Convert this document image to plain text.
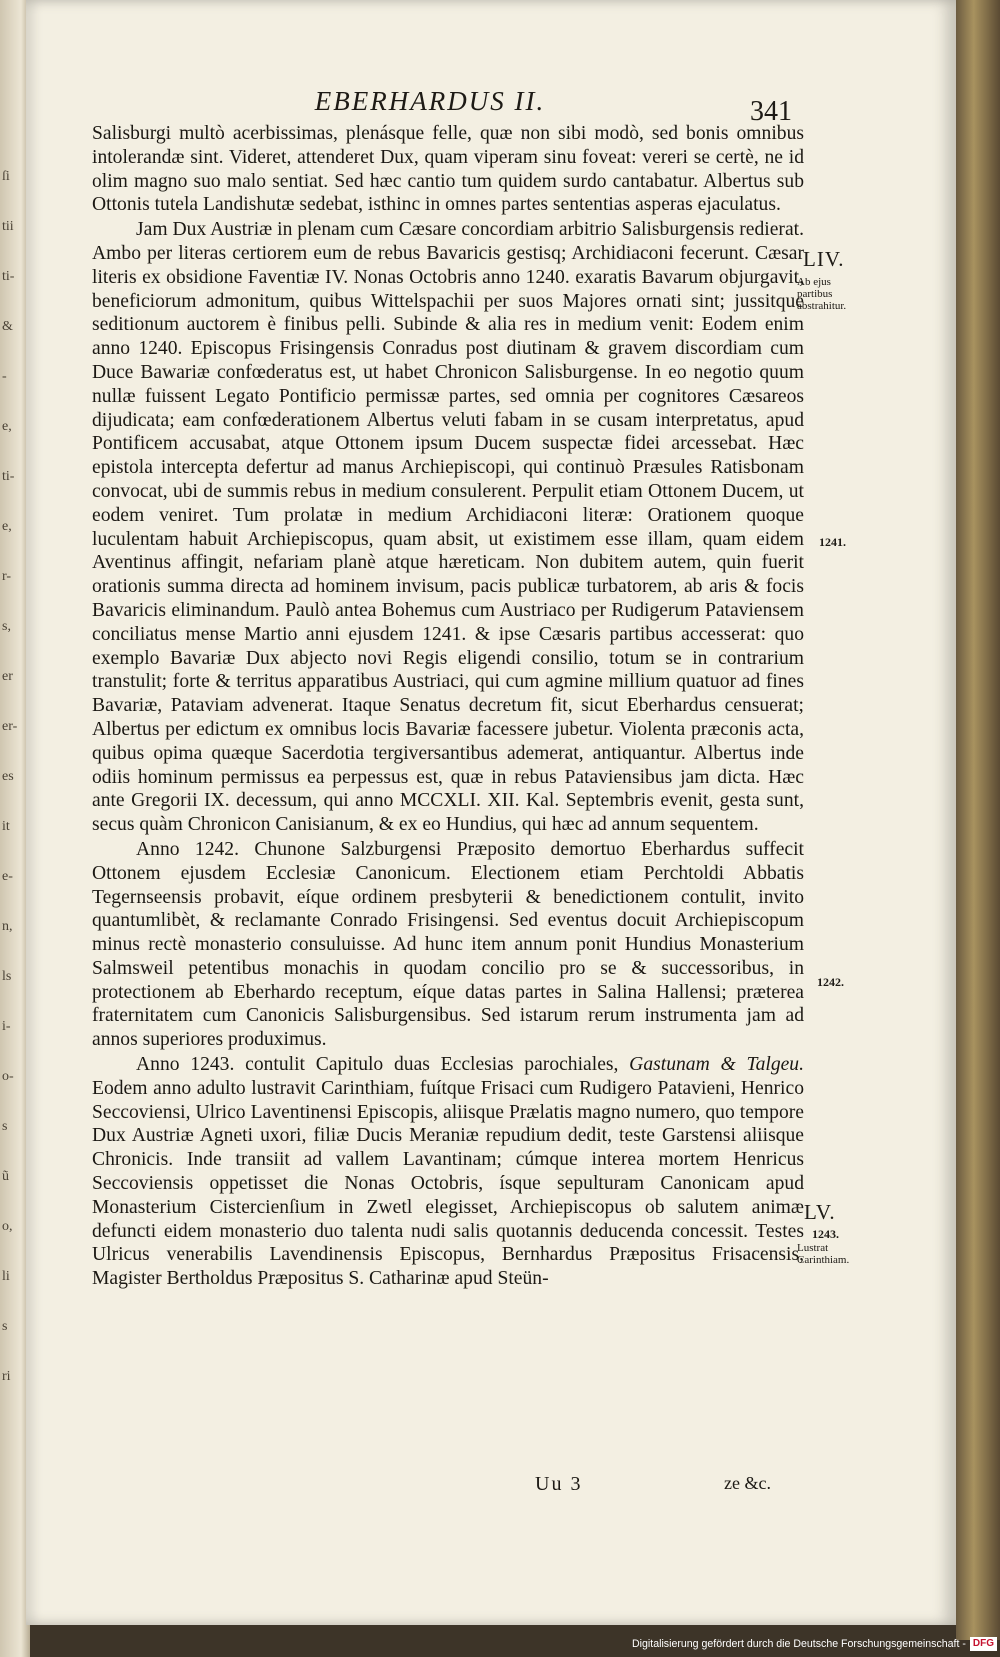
ſi
tii
ti-
&
-
e,
ti-
e,
r-
s,
er
er-
es
it
e-
n,
ls
i-
o-
s
ũ
o,
li
s
ri
EBERHARDUS II.	341

Salisburgi multò acerbissimas, plenásque felle, quæ non sibi modò, sed bonis omnibus intolerandæ sint. Videret, attenderet Dux, quam viperam sinu foveat: vereri se certè, ne id olim magno suo malo sentiat. Sed hæc cantio tum quidem surdo cantabatur. Albertus sub Ottonis tutela Landishutæ sedebat, isthinc in omnes partes sententias asperas ejaculatus.

Jam Dux Austriæ in plenam cum Cæsare concordiam arbitrio Salisburgensis redierat. Ambo per literas certiorem eum de rebus Bavaricis gestisq; Archidiaconi fecerunt. Cæsar literis ex obsidione Faventiæ IV. Nonas Octobris anno 1240. exaratis Bavarum objurgavit, beneficiorum admonitum, quibus Wittelspachii per suos Majores ornati sint; jussitque seditionum auctorem è finibus pelli. Subinde & alia res in medium venit: Eodem enim anno 1240. Episcopus Frisingensis Conradus post diutinam & gravem discordiam cum Duce Bawariæ confœderatus est, ut habet Chronicon Salisburgense. In eo negotio quum nullæ fuissent Legato Pontificio permissæ partes, sed omnia per cognitores Cæsareos dijudicata; eam confœderationem Albertus veluti fabam in se cusam interpretatus, apud Pontificem accusabat, atque Ottonem ipsum Ducem suspectæ fidei arcessebat. Hæc epistola intercepta defertur ad manus Archiepiscopi, qui continuò Præsules Ratisbonam convocat, ubi de summis rebus in medium consulerent. Perpulit etiam Ottonem Ducem, ut eodem veniret. Tum prolatæ in medium Archidiaconi literæ: Orationem quoque luculentam habuit Archiepiscopus, quam absit, ut existimem esse illam, quam eidem Aventinus affingit, nefariam planè atque hæreticam. Non dubitem autem, quin fuerit orationis summa directa ad hominem invisum, pacis publicæ turbatorem, ab aris & focis Bavaricis eliminandum. Paulò antea Bohemus cum Austriaco per Rudigerum Pataviensem conciliatus mense Martio anni ejusdem 1241. & ipse Cæsaris partibus accesserat: quo exemplo Bavariæ Dux abjecto novi Regis eligendi consilio, totum se in contrarium transtulit; forte & territus apparatibus Austriaci, qui cum agmine millium quatuor ad fines Bavariæ, Pataviam advenerat. Itaque Senatus decretum fit, sicut Eberhardus censuerat; Albertus per edictum ex omnibus locis Bavariæ facessere jubetur. Violenta præconis acta, quibus opima quæque Sacerdotia tergiversantibus ademerat, antiquantur. Albertus inde odiis hominum permissus ea perpessus est, quæ in rebus Pataviensibus jam dicta. Hæc ante Gregorii IX. decessum, qui anno MCCXLI. XII. Kal. Septembris evenit, gesta sunt, secus quàm Chronicon Canisianum, & ex eo Hundius, qui hæc ad annum sequentem.

Anno 1242. Chunone Salzburgensi Præposito demortuo Eberhardus suffecit Ottonem ejusdem Ecclesiæ Canonicum. Electionem etiam Perchtoldi Abbatis Tegernseensis probavit, eíque ordinem presbyterii & benedictionem contulit, invito quantumlibèt, & reclamante Conrado Frisingensi. Sed eventus docuit Archiepiscopum minus rectè monasterio consuluisse. Ad hunc item annum ponit Hundius Monasterium Salmsweil petentibus monachis in quodam concilio pro se & successoribus, in protectionem ab Eberhardo receptum, eíque datas partes in Salina Hallensi; præterea fraternitatem cum Canonicis Salisburgensibus. Sed istarum rerum instrumenta jam ad annos superiores produximus.

Anno 1243. contulit Capitulo duas Ecclesias parochiales, Gastunam & Talgeu. Eodem anno adulto lustravit Carinthiam, fuítque Frisaci cum Rudigero Patavieni, Henrico Seccoviensi, Ulrico Laventinensi Episcopis, aliisque Prælatis magno numero, quo tempore Dux Austriæ Agneti uxori, filiæ Ducis Meraniæ repudium dedit, teste Garstensi aliisque Chronicis. Inde transiit ad vallem Lavantinam; cúmque interea mortem Henricus Seccoviensis oppetisset die Nonas Octobris, ísque sepulturam Canonicam apud Monasterium Cistercienſium in Zwetl elegisset, Archiepiscopus ob salutem animæ defuncti eidem monasterio duo talenta nudi salis quotannis deducenda concessit. Testes Ulricus venerabilis Lavendinensis Episcopus, Bernhardus Præpositus Frisacensis, Magister Bertholdus Præpositus S. Catharinæ apud Steün-

LIV.
Ab ejus partibus abstrahitur.
1241.
1242.
LV.
1243.
Lustrat Carinthiam.
Uu 3	ze &c.
Digitalisierung gefördert durch die Deutsche Forschungsgemeinschaft - DFG
